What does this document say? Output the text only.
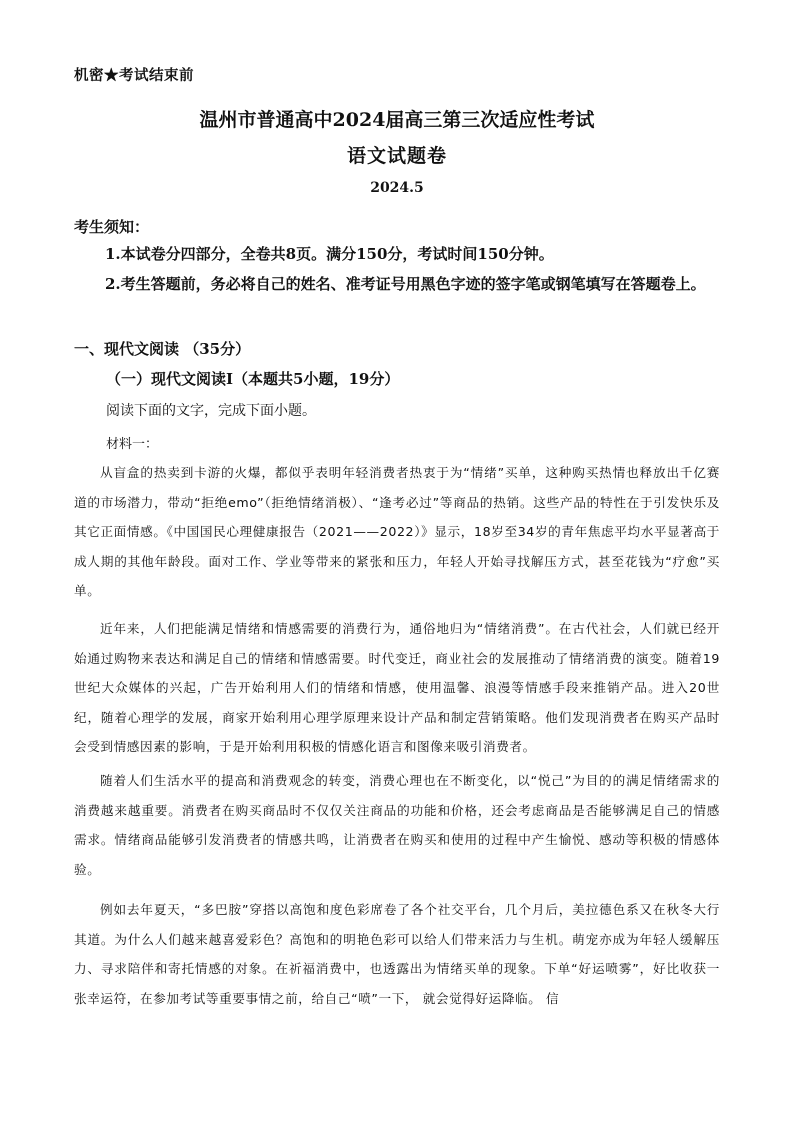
机密★考试结束前
温州市普通高中2024届高三第三次适应性考试
语文试题卷
2024.5
考生须知：
1.本试卷分四部分，全卷共8页。满分150分，考试时间150分钟。
2.考生答题前，务必将自己的姓名、准考证号用黑色字迹的签字笔或钢笔填写在答题卷上。
一、现代文阅读 （35分）
（一）现代文阅读Ⅰ（本题共5小题，19分）
阅读下面的文字，完成下面小题。
材料一：
从盲盒的热卖到卡游的火爆，都似乎表明年轻消费者热衷于为“情绪”买单，这种购买热情也释放出千亿赛道的市场潜力，带动“拒绝emo”（拒绝情绪消极）、“逢考必过”等商品的热销。这些产品的特性在于引发快乐及其它正面情感。《中国国民心理健康报告（2021——2022）》显示，18岁至34岁的青年焦虑平均水平显著高于成人期的其他年龄段。面对工作、学业等带来的紧张和压力，年轻人开始寻找解压方式，甚至花钱为“疗愈”买单。
近年来，人们把能满足情绪和情感需要的消费行为，通俗地归为“情绪消费”。在古代社会，人们就已经开始通过购物来表达和满足自己的情绪和情感需要。时代变迁，商业社会的发展推动了情绪消费的演变。随着19世纪大众媒体的兴起，广告开始利用人们的情绪和情感，使用温馨、浪漫等情感手段来推销产品。进入20世纪，随着心理学的发展，商家开始利用心理学原理来设计产品和制定营销策略。他们发现消费者在购买产品时会受到情感因素的影响，于是开始利用积极的情感化语言和图像来吸引消费者。
随着人们生活水平的提高和消费观念的转变，消费心理也在不断变化，以“悦己”为目的的满足情绪需求的消费越来越重要。消费者在购买商品时不仅仅关注商品的功能和价格，还会考虑商品是否能够满足自己的情感需求。情绪商品能够引发消费者的情感共鸣，让消费者在购买和使用的过程中产生愉悦、感动等积极的情感体验。
例如去年夏天，“多巴胺”穿搭以高饱和度色彩席卷了各个社交平台，几个月后，美拉德色系又在秋冬大行其道。为什么人们越来越喜爱彩色？高饱和的明艳色彩可以给人们带来活力与生机。萌宠亦成为年轻人缓解压力、寻求陪伴和寄托情感的对象。在祈福消费中，也透露出为情绪买单的现象。下单“好运喷雾”，好比收获一张幸运符，在参加考试等重要事情之前，给自己“喷”一下， 就会觉得好运降临。 信
